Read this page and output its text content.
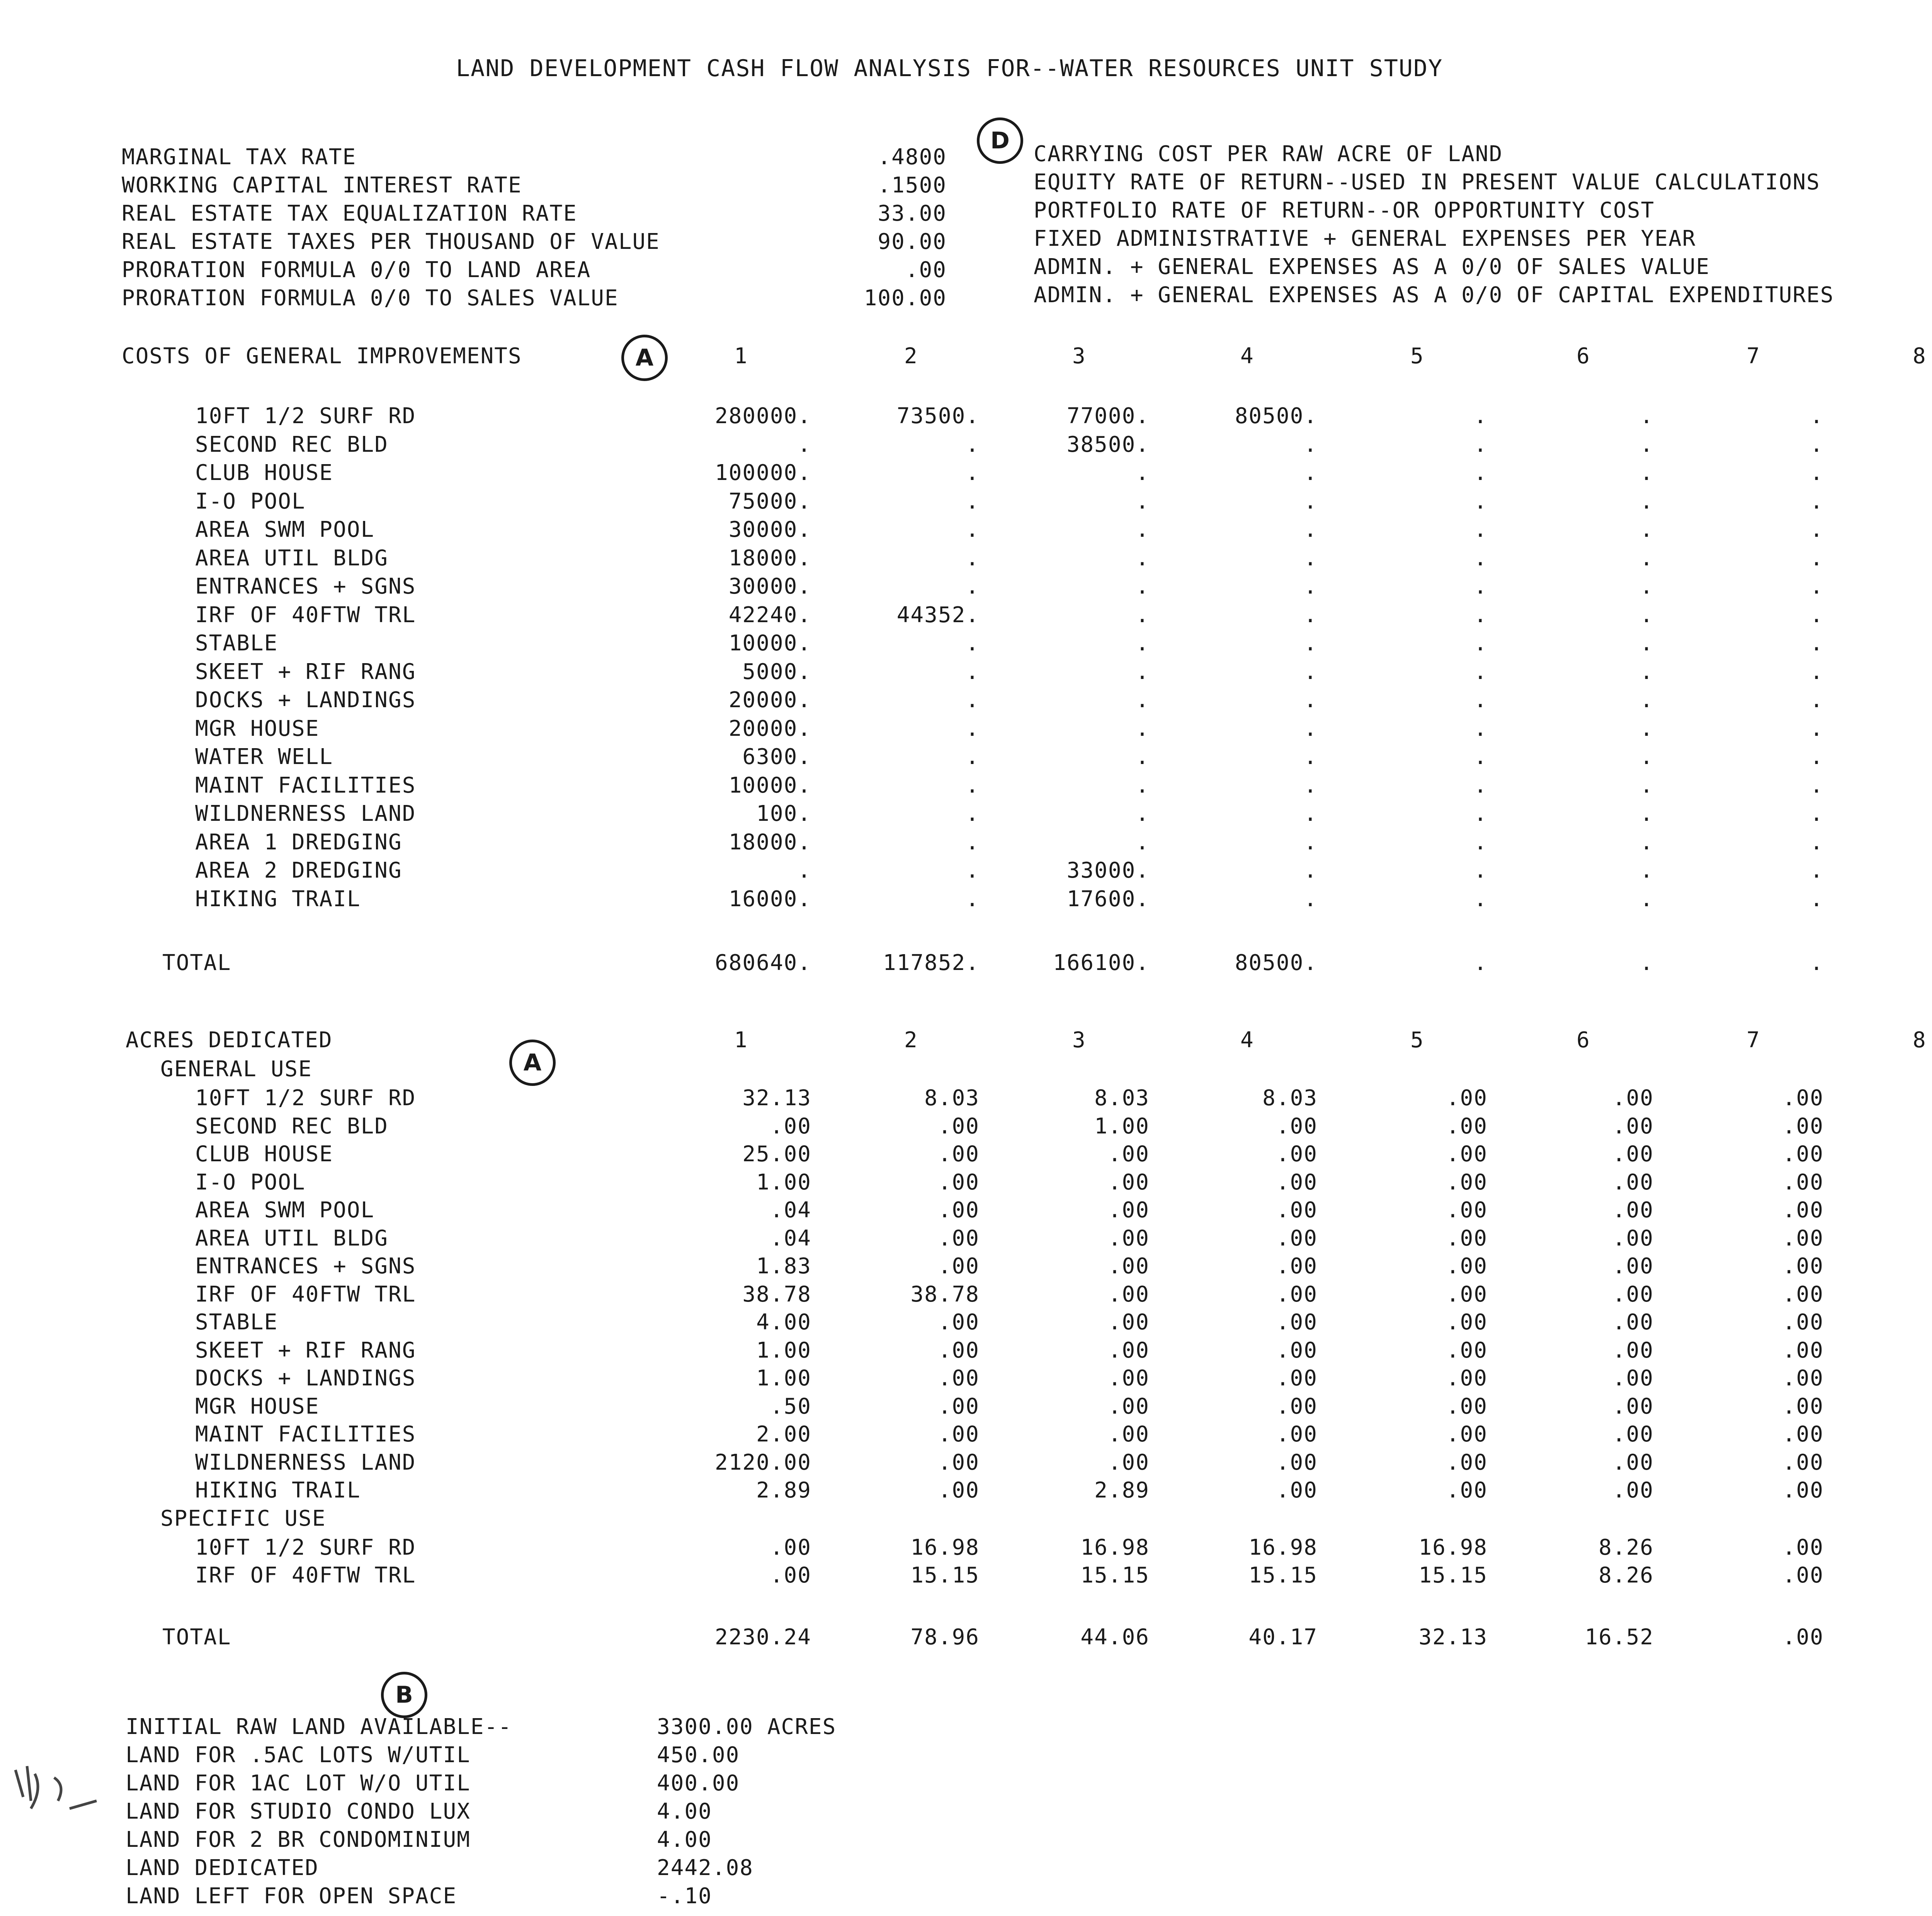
LAND DEVELOPMENT CASH FLOW ANALYSIS FOR--WATER RESOURCES UNIT STUDY
D
A
A
B
MARGINAL TAX RATE	.4800
WORKING CAPITAL INTEREST RATE	.1500
REAL ESTATE TAX EQUALIZATION RATE	33.00
REAL ESTATE TAXES PER THOUSAND OF VALUE	90.00
PRORATION FORMULA 0/0 TO LAND AREA	.00
PRORATION FORMULA 0/0 TO SALES VALUE	100.00
CARRYING COST PER RAW ACRE OF LAND
EQUITY RATE OF RETURN--USED IN PRESENT VALUE CALCULATIONS
PORTFOLIO RATE OF RETURN--OR OPPORTUNITY COST
FIXED ADMINISTRATIVE + GENERAL EXPENSES PER YEAR
ADMIN. + GENERAL EXPENSES AS A 0/0 OF SALES VALUE
ADMIN. + GENERAL EXPENSES AS A 0/0 OF CAPITAL EXPENDITURES
COSTS OF GENERAL IMPROVEMENTS	1	2	3	4	5	6	7	8
10FT 1/2 SURF RD	280000.	73500.	77000.	80500.	.	.	.
SECOND REC BLD	.	.	38500.	.	.	.	.
CLUB HOUSE	100000.	.	.	.	.	.	.
I-O POOL	75000.	.	.	.	.	.	.
AREA SWM POOL	30000.	.	.	.	.	.	.
AREA UTIL BLDG	18000.	.	.	.	.	.	.
ENTRANCES + SGNS	30000.	.	.	.	.	.	.
IRF OF 40FTW TRL	42240.	44352.	.	.	.	.	.
STABLE	10000.	.	.	.	.	.	.
SKEET + RIF RANG	5000.	.	.	.	.	.	.
DOCKS + LANDINGS	20000.	.	.	.	.	.	.
MGR HOUSE	20000.	.	.	.	.	.	.
WATER WELL	6300.	.	.	.	.	.	.
MAINT FACILITIES	10000.	.	.	.	.	.	.
WILDNERNESS LAND	100.	.	.	.	.	.	.
AREA 1 DREDGING	18000.	.	.	.	.	.	.
AREA 2 DREDGING	.	.	33000.	.	.	.	.
HIKING TRAIL	16000.	.	17600.	.	.	.	.
TOTAL	680640.	117852.	166100.	80500.	.	.	.
ACRES DEDICATED	1	2	3	4	5	6	7	8
GENERAL USE
10FT 1/2 SURF RD	32.13	8.03	8.03	8.03	.00	.00	.00
SECOND REC BLD	.00	.00	1.00	.00	.00	.00	.00
CLUB HOUSE	25.00	.00	.00	.00	.00	.00	.00
I-O POOL	1.00	.00	.00	.00	.00	.00	.00
AREA SWM POOL	.04	.00	.00	.00	.00	.00	.00
AREA UTIL BLDG	.04	.00	.00	.00	.00	.00	.00
ENTRANCES + SGNS	1.83	.00	.00	.00	.00	.00	.00
IRF OF 40FTW TRL	38.78	38.78	.00	.00	.00	.00	.00
STABLE	4.00	.00	.00	.00	.00	.00	.00
SKEET + RIF RANG	1.00	.00	.00	.00	.00	.00	.00
DOCKS + LANDINGS	1.00	.00	.00	.00	.00	.00	.00
MGR HOUSE	.50	.00	.00	.00	.00	.00	.00
MAINT FACILITIES	2.00	.00	.00	.00	.00	.00	.00
WILDNERNESS LAND	2120.00	.00	.00	.00	.00	.00	.00
HIKING TRAIL	2.89	.00	2.89	.00	.00	.00	.00
SPECIFIC USE
10FT 1/2 SURF RD	.00	16.98	16.98	16.98	16.98	8.26	.00
IRF OF 40FTW TRL	.00	15.15	15.15	15.15	15.15	8.26	.00
TOTAL	2230.24	78.96	44.06	40.17	32.13	16.52	.00
INITIAL RAW LAND AVAILABLE--	3300.00 ACRES
LAND FOR .5AC LOTS W/UTIL	450.00
LAND FOR 1AC LOT W/O UTIL	400.00
LAND FOR STUDIO CONDO LUX	4.00
LAND FOR 2 BR CONDOMINIUM	4.00
LAND DEDICATED	2442.08
LAND LEFT FOR OPEN SPACE	-.10
